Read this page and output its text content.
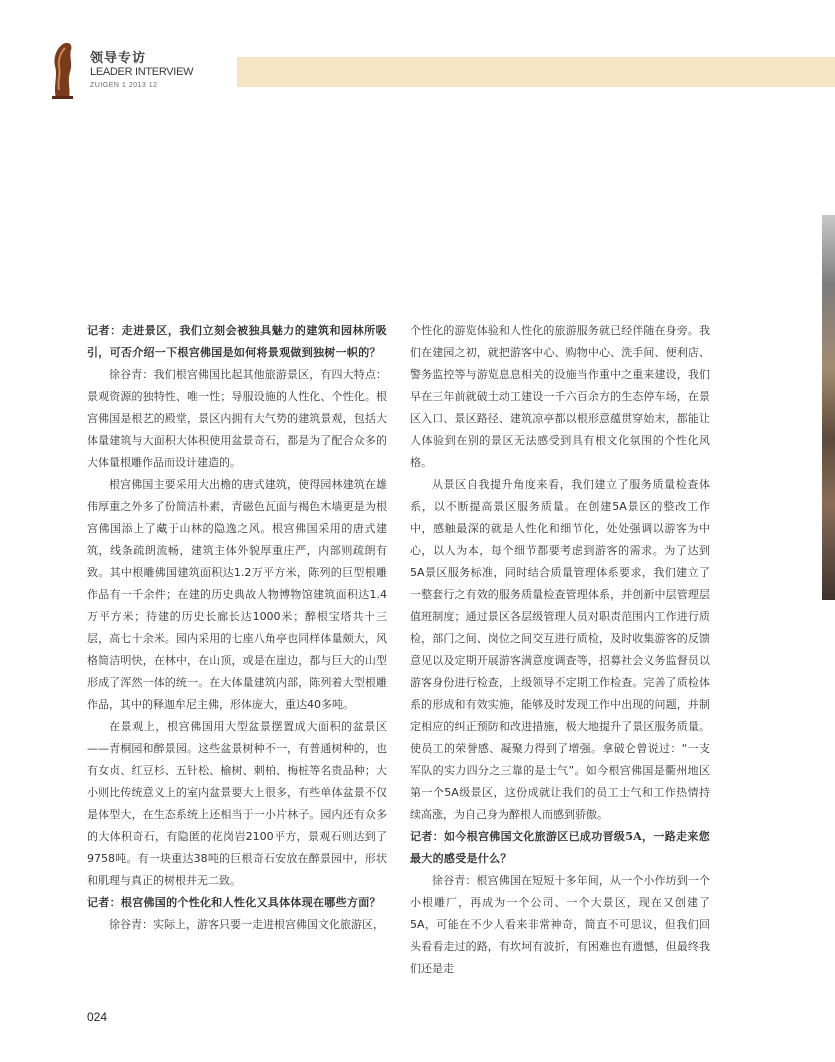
领导专访
LEADER INTERVIEW
ZUIGEN 1 2013 12

记者：走进景区，我们立刻会被独具魅力的建筑和园林所吸引，可否介绍一下根宫佛国是如何将景观做到独树一帜的？

徐谷青：我们根宫佛国比起其他旅游景区，有四大特点：景观资源的独特性、唯一性；导服设施的人性化、个性化。根宫佛国是根艺的殿堂，景区内拥有大气势的建筑景观，包括大体量建筑与大面积大体积使用盆景奇石，都是为了配合众多的大体量根雕作品而设计建造的。

根宫佛国主要采用大出檐的唐式建筑，使得园林建筑在雄伟厚重之外多了份简洁朴素，青磁色瓦面与褐色木墙更是为根宫佛国添上了藏于山林的隐逸之风。根宫佛国采用的唐式建筑，线条疏朗流畅，建筑主体外貌厚重庄严，内部则疏朗有致。其中根雕佛国建筑面积达1.2万平方米，陈列的巨型根雕作品有一千余件；在建的历史典故人物博物馆建筑面积达1.4万平方米；待建的历史长廊长达1000米；醉根宝塔共十三层，高七十余米。园内采用的七座八角亭也同样体量颇大，风格简洁明快，在林中，在山顶，或是在崖边，都与巨大的山型形成了浑然一体的统一。在大体量建筑内部，陈列着大型根雕作品，其中的释迦牟尼主佛，形体庞大，重达40多吨。

在景观上，根宫佛国用大型盆景摆置成大面积的盆景区——青桐园和醉景园。这些盆景树种不一，有普通树种的，也有女贞、红豆杉、五针松、榆树、刺柏、梅桩等名贵品种；大小则比传统意义上的室内盆景要大上很多，有些单体盆景不仅是体型大，在生态系统上还相当于一小片林子。园内还有众多的大体积奇石，有隐匿的花岗岩2100平方，景观石则达到了9758吨。有一块重达38吨的巨根奇石安放在醉景园中，形状和肌理与真正的树根并无二致。

记者：根宫佛国的个性化和人性化又具体体现在哪些方面？

徐谷青：实际上，游客只要一走进根宫佛国文化旅游区，

个性化的游览体验和人性化的旅游服务就已经伴随在身旁。我们在建园之初，就把游客中心、购物中心、洗手间、便利店、警务监控等与游览息息相关的设施当作重中之重来建设，我们早在三年前就破土动工建设一千六百余方的生态停车场，在景区入口、景区路径、建筑凉亭都以根形意蕴贯穿始末，都能让人体验到在别的景区无法感受到具有根文化氛围的个性化风格。

从景区自我提升角度来看，我们建立了服务质量检查体系，以不断提高景区服务质量。在创建5A景区的整改工作中，感触最深的就是人性化和细节化，处处强调以游客为中心，以人为本，每个细节都要考虑到游客的需求。为了达到5A景区服务标准，同时结合质量管理体系要求，我们建立了一整套行之有效的服务质量检查管理体系，并创新中层管理层值班制度；通过景区各层级管理人员对职责范围内工作进行质检，部门之间、岗位之间交互进行质检，及时收集游客的反馈意见以及定期开展游客满意度调查等，招募社会义务监督员以游客身份进行检查，上级领导不定期工作检查。完善了质检体系的形成和有效实施，能够及时发现工作中出现的问题，并制定相应的纠正预防和改进措施，极大地提升了景区服务质量。使员工的荣誉感、凝聚力得到了增强。拿破仑曾说过：“一支军队的实力四分之三靠的是士气”。如今根宫佛国是衢州地区第一个5A级景区，这份成就让我们的员工士气和工作热情持续高涨，为自己身为醉根人而感到骄傲。

记者：如今根宫佛国文化旅游区已成功晋级5A，一路走来您最大的感受是什么？

徐谷青：根宫佛国在短短十多年间，从一个小作坊到一个小根雕厂，再成为一个公司、一个大景区，现在又创建了5A，可能在不少人看来非常神奇，简直不可思议，但我们回头看看走过的路，有坎坷有波折，有困难也有遗憾，但最终我们还是走

024
